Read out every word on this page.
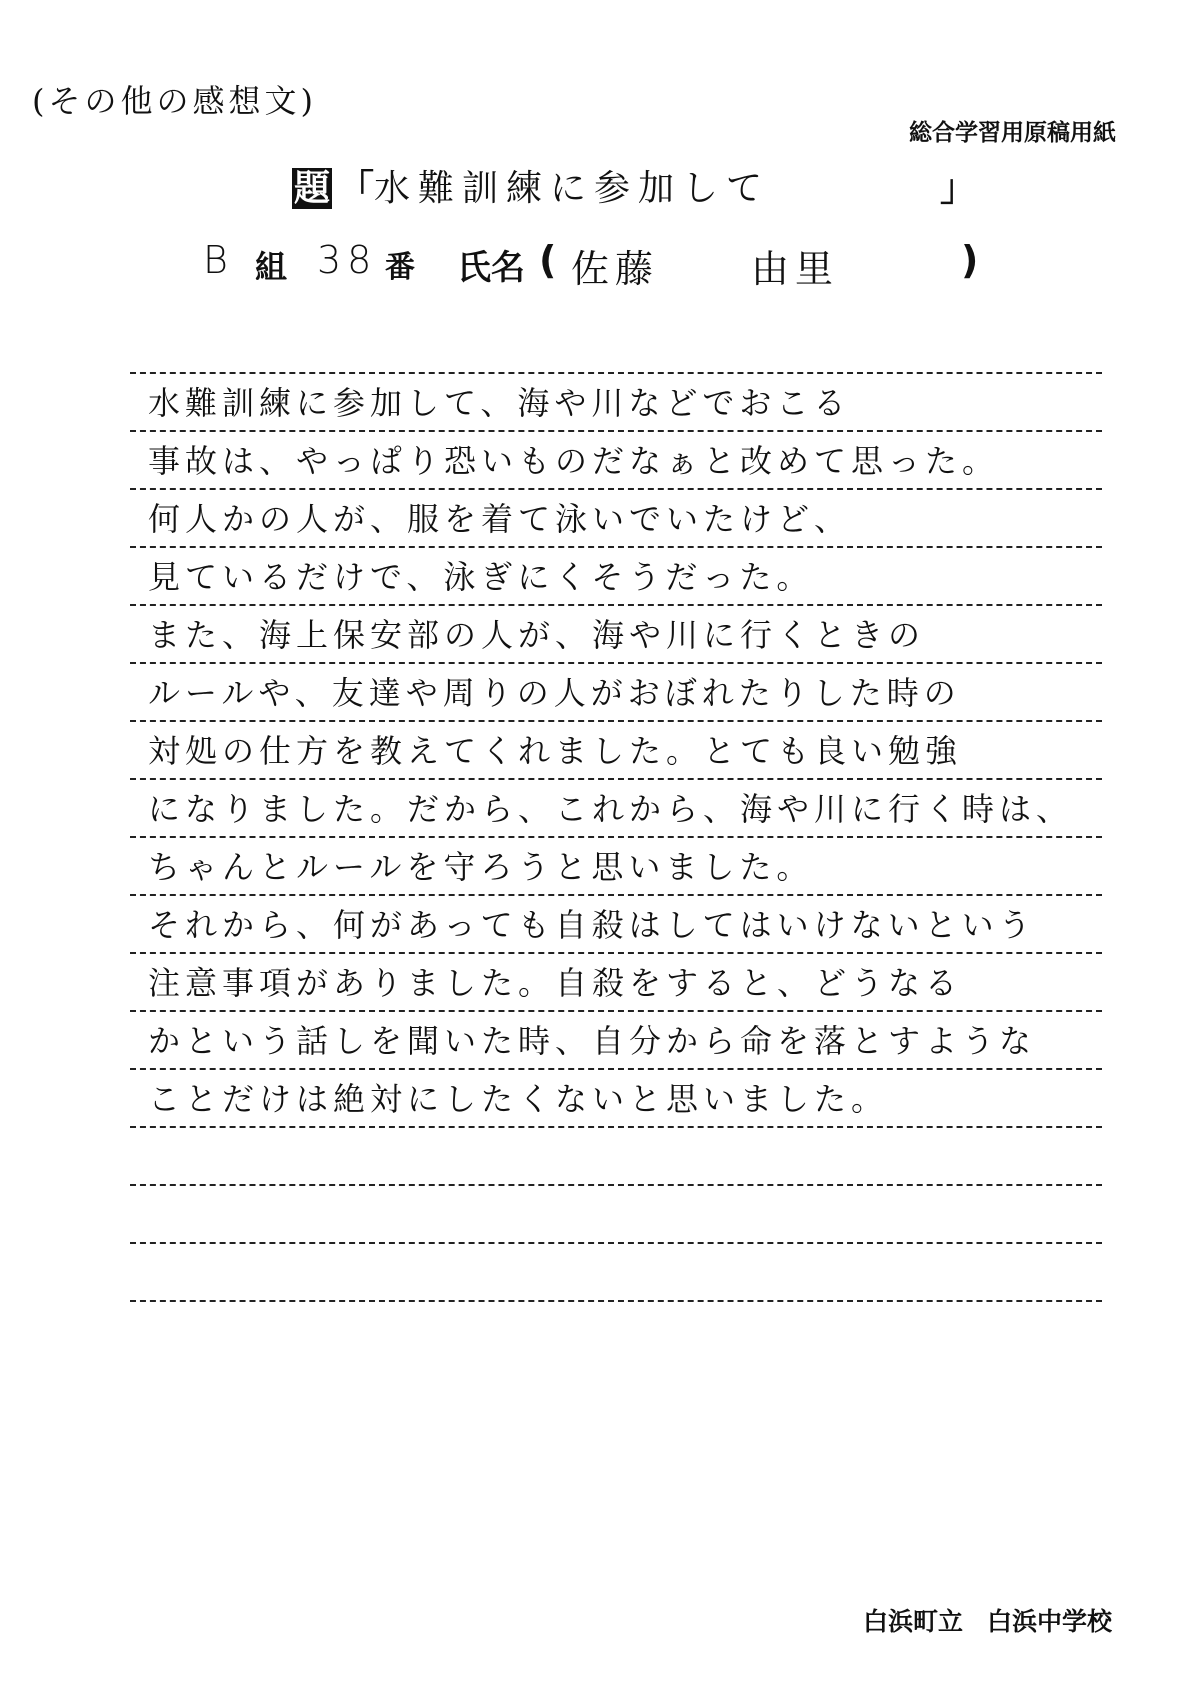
(その他の感想文)
総合学習用原稿用紙
題 「水難訓練に参加して	」
B 組 38 番 氏名 ( 佐藤 由里	)
水難訓練に参加して、海や川などでおこる
事故は、やっぱり恐いものだなぁと改めて思った。
何人かの人が、服を着て泳いでいたけど、
見ているだけで、泳ぎにくそうだった。
また、海上保安部の人が、海や川に行くときの
ルールや、友達や周りの人がおぼれたりした時の
対処の仕方を教えてくれました。とても良い勉強
になりました。だから、これから、海や川に行く時は、
ちゃんとルールを守ろうと思いました。
それから、何があっても自殺はしてはいけないという
注意事項がありました。自殺をすると、どうなる
かという話しを聞いた時、自分から命を落とすような
ことだけは絶対にしたくないと思いました。
白浜町立 白浜中学校
